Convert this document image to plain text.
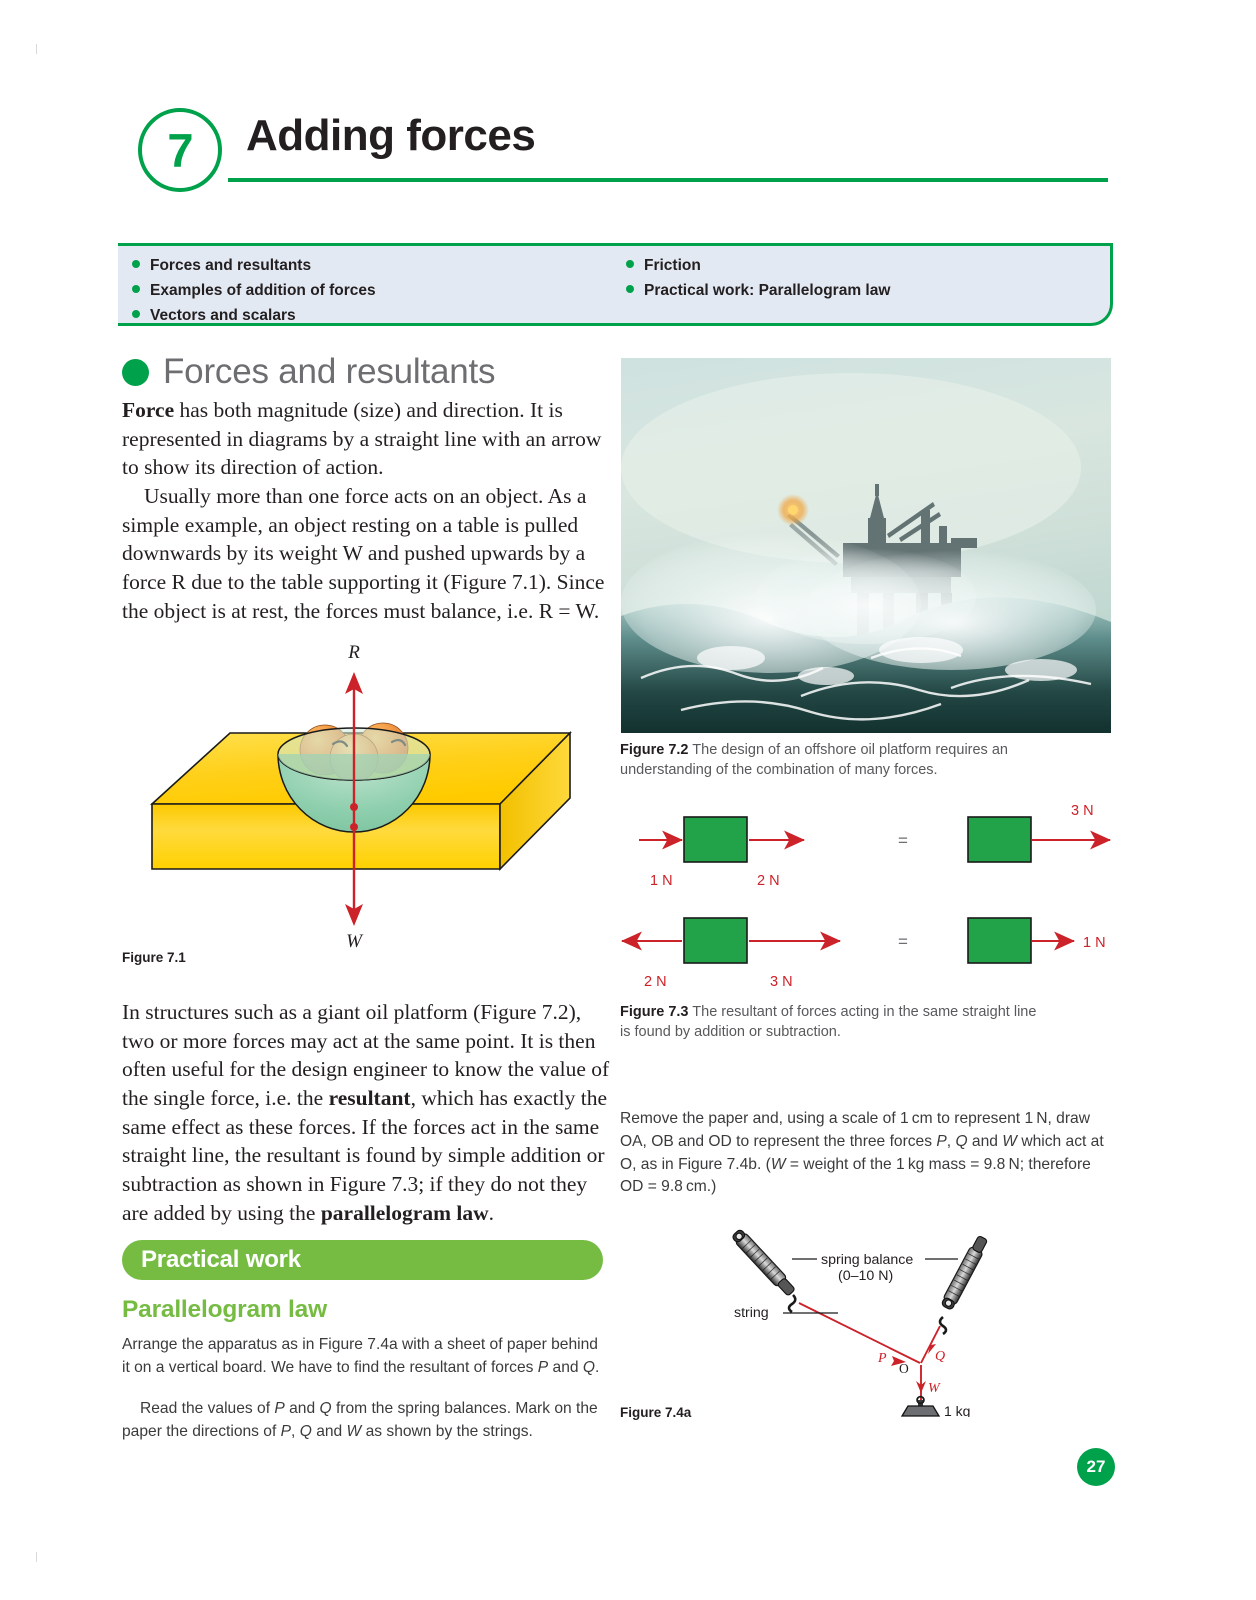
7 Adding forces
Forces and resultants
Examples of addition of forces
Vectors and scalars
Friction
Practical work: Parallelogram law
Forces and resultants

Force has both magnitude (size) and direction. It is represented in diagrams by a straight line with an arrow to show its direction of action.

Usually more than one force acts on an object. As a simple example, an object resting on a table is pulled downwards by its weight W and pushed upwards by a force R due to the table supporting it (Figure 7.1). Since the object is at rest, the forces must balance, i.e. R = W.

R
W
Figure 7.1
Figure 7.2 The design of an offshore oil platform requires an understanding of the combination of many forces.
1 N	2 N
=
3 N
2 N	3 N
=	1 N
Figure 7.3 The resultant of forces acting in the same straight line is found by addition or subtraction.
In structures such as a giant oil platform (Figure 7.2), two or more forces may act at the same point. It is then often useful for the design engineer to know the value of the single force, i.e. the resultant, which has exactly the same effect as these forces. If the forces act in the same straight line, the resultant is found by simple addition or subtraction as shown in Figure 7.3; if they do not they are added by using the parallelogram law.
Remove the paper and, using a scale of 1 cm to represent 1 N, draw OA, OB and OD to represent the three forces P, Q and W which act at O, as in Figure 7.4b. (W = weight of the 1 kg mass = 9.8 N; therefore OD = 9.8 cm.)
Practical work
Parallelogram law
Arrange the apparatus as in Figure 7.4a with a sheet of paper behind it on a vertical board. We have to find the resultant of forces P and Q.
Read the values of P and Q from the spring balances. Mark on the paper the directions of P, Q and W as shown by the strings.
O
W
P	Q
1 kg
spring balance
(0–10 N)
string
Figure 7.4a
27
